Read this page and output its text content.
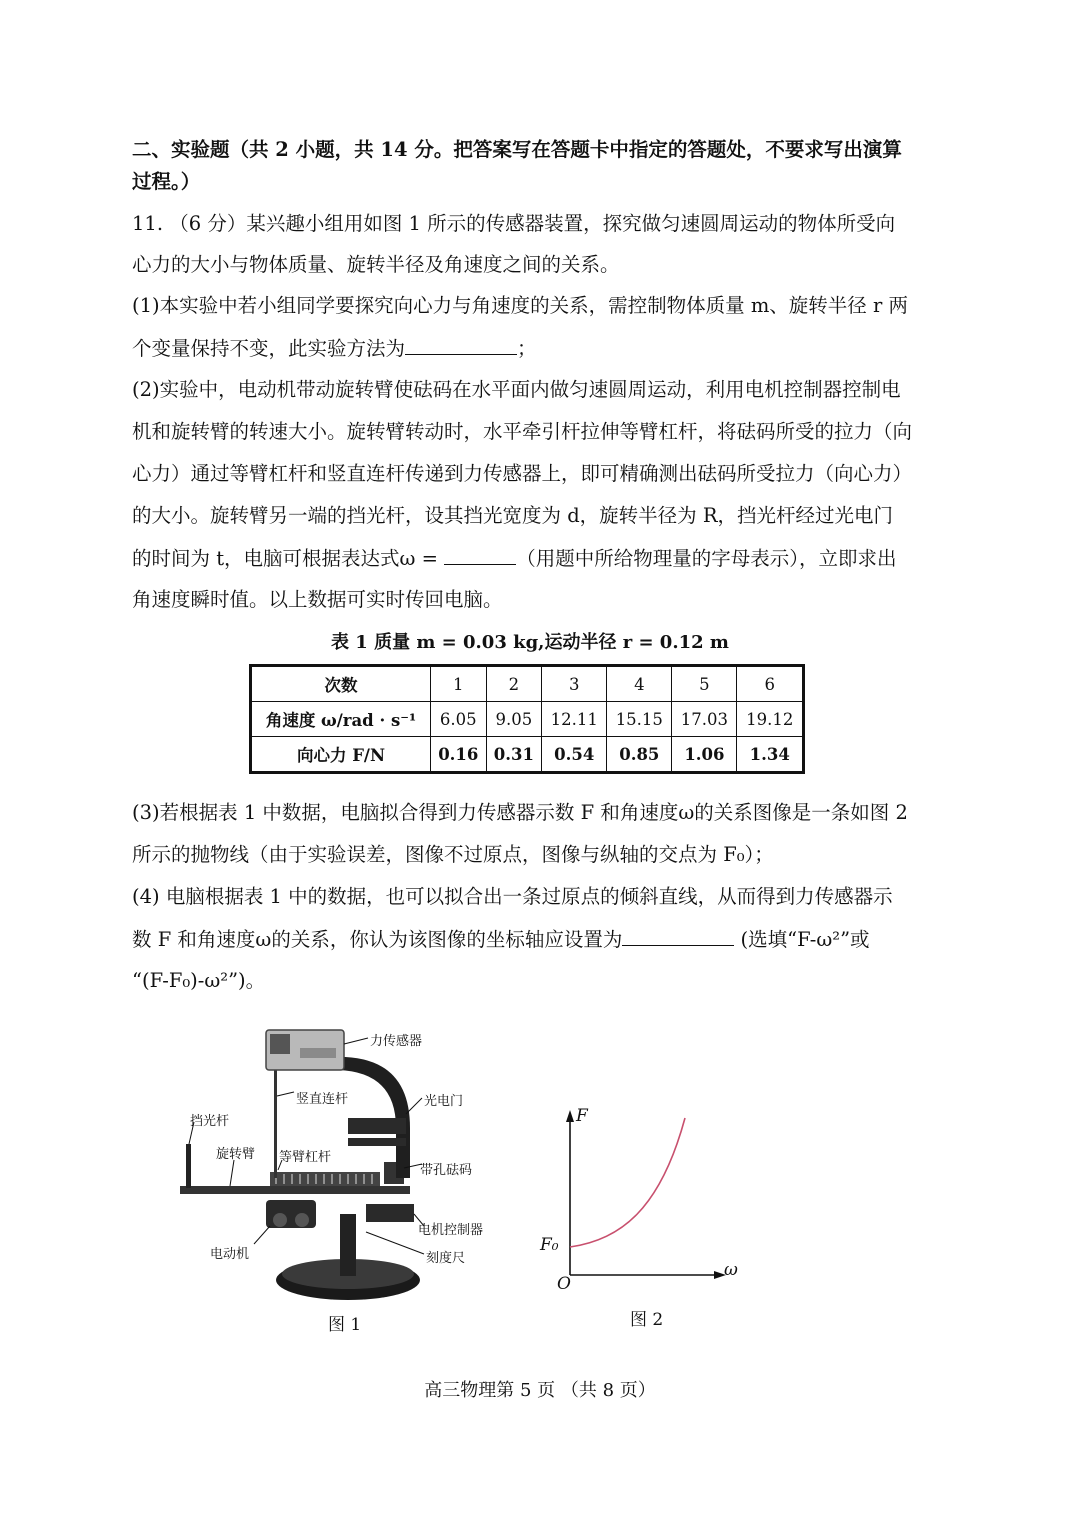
二、实验题（共 2 小题，共 14 分。把答案写在答题卡中指定的答题处，不要求写出演算
过程。）
11. （6 分）某兴趣小组用如图 1 所示的传感器装置，探究做匀速圆周运动的物体所受向
心力的大小与物体质量、旋转半径及角速度之间的关系。
(1)本实验中若小组同学要探究向心力与角速度的关系，需控制物体质量 m、旋转半径 r 两
个变量保持不变，此实验方法为	；
(2)实验中，电动机带动旋转臂使砝码在水平面内做匀速圆周运动，利用电机控制器控制电
机和旋转臂的转速大小。旋转臂转动时，水平牵引杆拉伸等臂杠杆，将砝码所受的拉力（向
心力）通过等臂杠杆和竖直连杆传递到力传感器上，即可精确测出砝码所受拉力（向心力）
的大小。旋转臂另一端的挡光杆，设其挡光宽度为 d，旋转半径为 R，挡光杆经过光电门
的时间为 t，电脑可根据表达式ω =	（用题中所给物理量的字母表示），立即求出
角速度瞬时值。以上数据可实时传回电脑。
表 1 质量 m = 0.03 kg,运动半径 r = 0.12 m
次数	1	2	3	4	5	6
角速度 ω/rad · s⁻¹	6.05	9.05	12.11	15.15	17.03	19.12
向心力 F/N	0.16	0.31	0.54	0.85	1.06	1.34
(3)若根据表 1 中数据，电脑拟合得到力传感器示数 F 和角速度ω的关系图像是一条如图 2
所示的抛物线（由于实验误差，图像不过原点，图像与纵轴的交点为 F₀）；
(4) 电脑根据表 1 中的数据，也可以拟合出一条过原点的倾斜直线，从而得到力传感器示
数 F 和角速度ω的关系，你认为该图像的坐标轴应设置为	(选填“F-ω²”或
“(F-F₀)-ω²”)。
力传感器
竖直连杆	光电门
挡光杆
旋转臂 等臂杠杆
带孔砝码
电机控制器
电动机	刻度尺
图 1
F
ω
O
F₀
图 2
高三物理第 5 页 （共 8 页）
